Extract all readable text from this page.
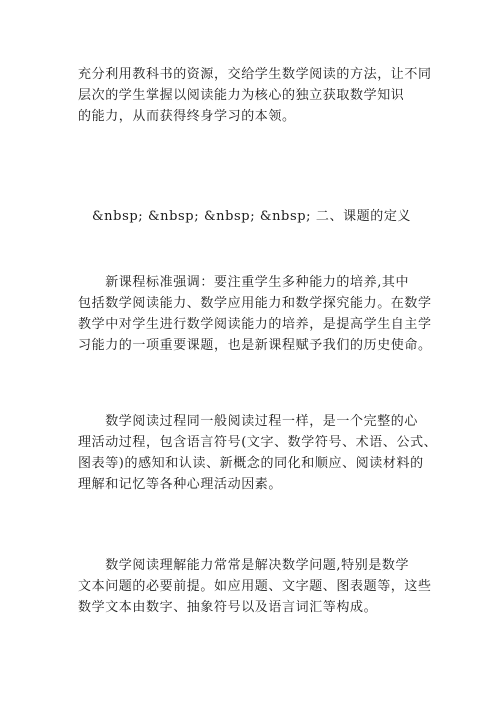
充分利用教科书的资源，交给学生数学阅读的方法，让不同
层次的学生掌握以阅读能力为核心的独立获取数学知识
的能力，从而获得终身学习的本领。

&nbsp; &nbsp; &nbsp; &nbsp; 二、课题的定义

　　新课程标准强调：要注重学生多种能力的培养,其中
包括数学阅读能力、数学应用能力和数学探究能力。在数学
教学中对学生进行数学阅读能力的培养，是提高学生自主学
习能力的一项重要课题，也是新课程赋予我们的历史使命。

　　数学阅读过程同一般阅读过程一样，是一个完整的心
理活动过程，包含语言符号(文字、数学符号、术语、公式、
图表等)的感知和认读、新概念的同化和顺应、阅读材料的
理解和记忆等各种心理活动因素。

　　数学阅读理解能力常常是解决数学问题,特别是数学
文本问题的必要前提。如应用题、文字题、图表题等，这些
数学文本由数字、抽象符号以及语言词汇等构成。
